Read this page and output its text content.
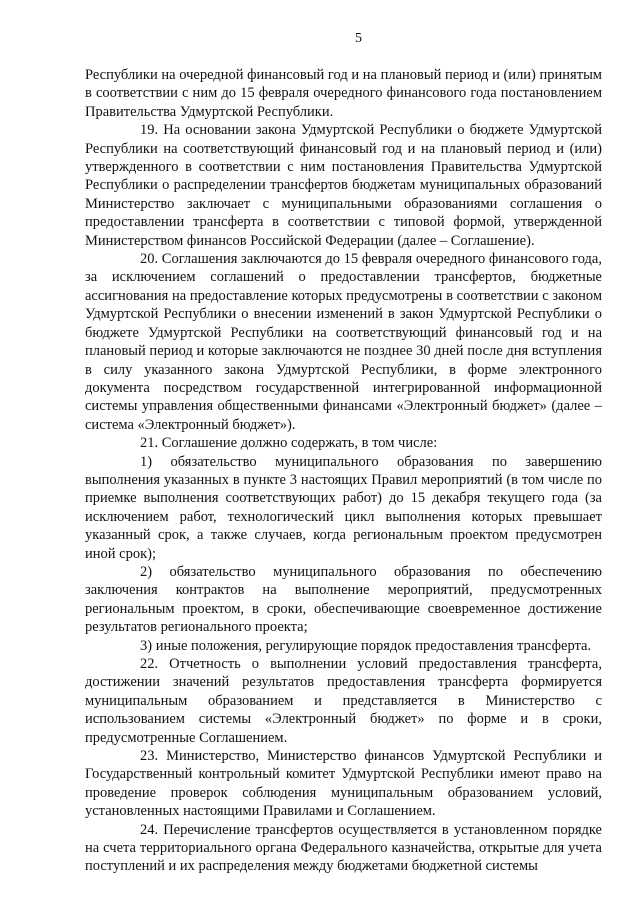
5

Республики на очередной финансовый год и на плановый период и (или) принятым в соответствии с ним до 15 февраля очередного финансового года постановлением Правительства Удмуртской Республики.

19. На основании закона Удмуртской Республики о бюджете Удмуртской Республики на соответствующий финансовый год и на плановый период и (или) утвержденного в соответствии с ним постановления Правительства Удмуртской Республики о распределении трансфертов бюджетам муниципальных образований Министерство заключает с муниципальными образованиями соглашения о предоставлении трансферта в соответствии с типовой формой, утвержденной Министерством финансов Российской Федерации (далее – Соглашение).

20. Соглашения заключаются до 15 февраля очередного финансового года, за исключением соглашений о предоставлении трансфертов, бюджетные ассигнования на предоставление которых предусмотрены в соответствии с законом Удмуртской Республики о внесении изменений в закон Удмуртской Республики о бюджете Удмуртской Республики на соответствующий финансовый год и на плановый период и которые заключаются не позднее 30 дней после дня вступления в силу указанного закона Удмуртской Республики, в форме электронного документа посредством государственной интегрированной информационной системы управления общественными финансами «Электронный бюджет» (далее – система «Электронный бюджет»).

21. Соглашение должно содержать, в том числе:

1) обязательство муниципального образования по завершению выполнения указанных в пункте 3 настоящих Правил мероприятий (в том числе по приемке выполнения соответствующих работ) до 15 декабря текущего года (за исключением работ, технологический цикл выполнения которых превышает указанный срок, а также случаев, когда региональным проектом предусмотрен иной срок);

2) обязательство муниципального образования по обеспечению заключения контрактов на выполнение мероприятий, предусмотренных региональным проектом, в сроки, обеспечивающие своевременное достижение результатов регионального проекта;

3) иные положения, регулирующие порядок предоставления трансферта.

22. Отчетность о выполнении условий предоставления трансферта, достижении значений результатов предоставления трансферта формируется муниципальным образованием и представляется в Министерство с использованием системы «Электронный бюджет» по форме и в сроки, предусмотренные Соглашением.

23. Министерство, Министерство финансов Удмуртской Республики и Государственный контрольный комитет Удмуртской Республики имеют право на проведение проверок соблюдения муниципальным образованием условий, установленных настоящими Правилами и Соглашением.

24. Перечисление трансфертов осуществляется в установленном порядке на счета территориального органа Федерального казначейства, открытые для учета поступлений и их распределения между бюджетами бюджетной системы
